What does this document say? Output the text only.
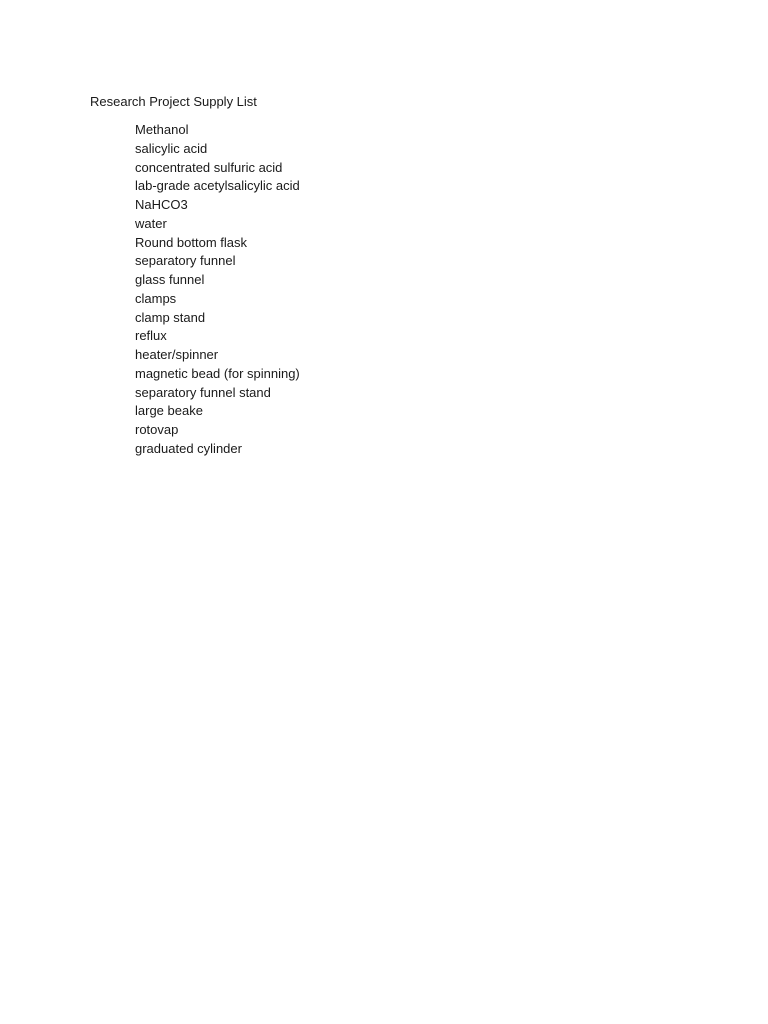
Research Project Supply List
Methanol
salicylic acid
concentrated sulfuric acid
lab-grade acetylsalicylic acid
NaHCO3
water
Round bottom flask
separatory funnel
glass funnel
clamps
clamp stand
reflux
heater/spinner
magnetic bead (for spinning)
separatory funnel stand
large beake
rotovap
graduated cylinder
